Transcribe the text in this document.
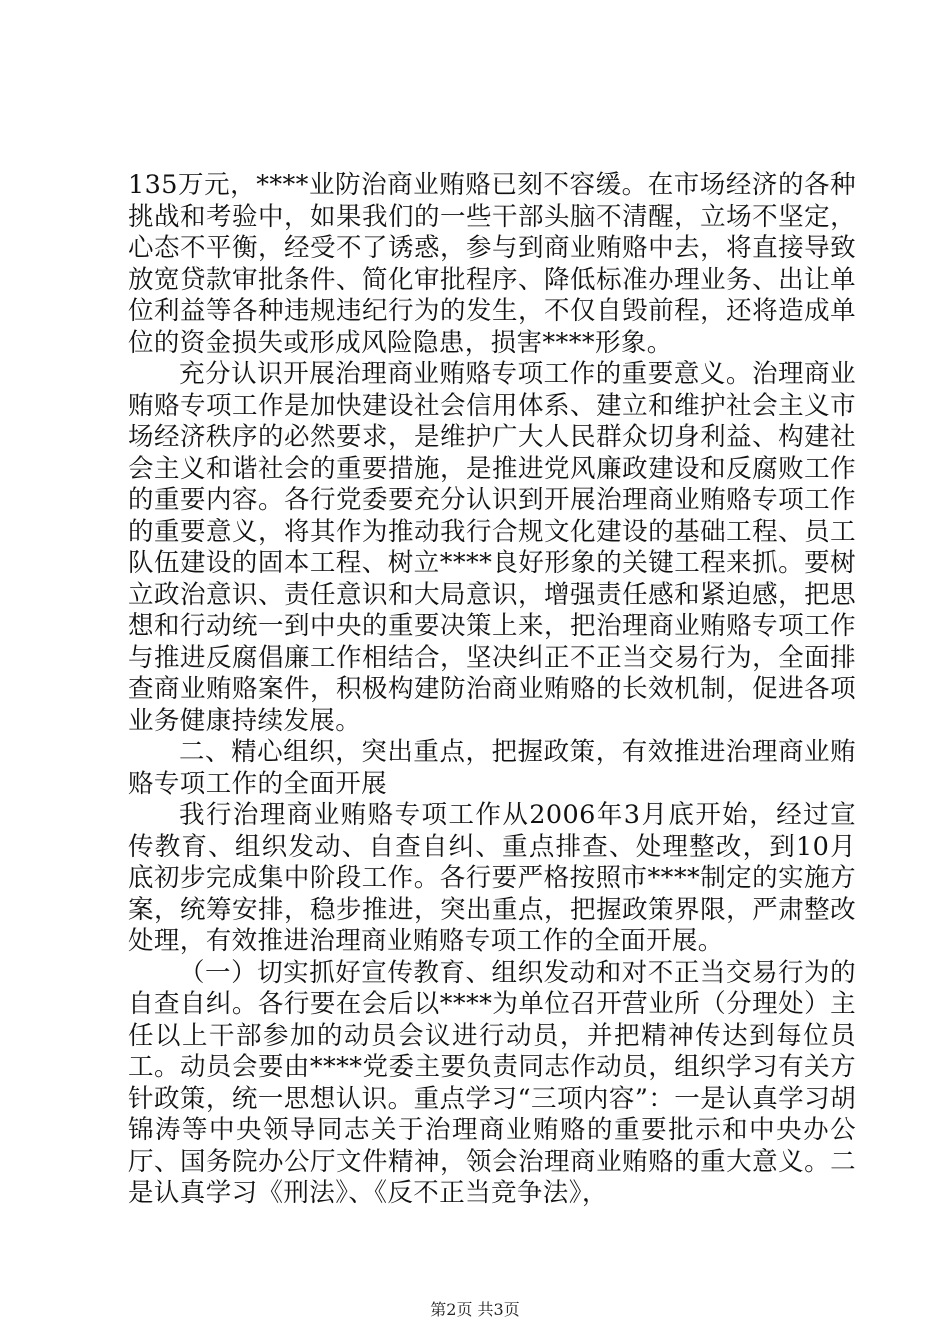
135万元，****业防治商业贿赂已刻不容缓。在市场经济的各种挑战和考验中，如果我们的一些干部头脑不清醒，立场不坚定，心态不平衡，经受不了诱惑，参与到商业贿赂中去，将直接导致放宽贷款审批条件、简化审批程序、降低标准办理业务、出让单位利益等各种违规违纪行为的发生，不仅自毁前程，还将造成单位的资金损失或形成风险隐患，损害****形象。

充分认识开展治理商业贿赂专项工作的重要意义。治理商业贿赂专项工作是加快建设社会信用体系、建立和维护社会主义市场经济秩序的必然要求，是维护广大人民群众切身利益、构建社会主义和谐社会的重要措施，是推进党风廉政建设和反腐败工作的重要内容。各行党委要充分认识到开展治理商业贿赂专项工作的重要意义，将其作为推动我行合规文化建设的基础工程、员工队伍建设的固本工程、树立****良好形象的关键工程来抓。要树立政治意识、责任意识和大局意识，增强责任感和紧迫感，把思想和行动统一到中央的重要决策上来，把治理商业贿赂专项工作与推进反腐倡廉工作相结合，坚决纠正不正当交易行为，全面排查商业贿赂案件，积极构建防治商业贿赂的长效机制，促进各项业务健康持续发展。

二、精心组织，突出重点，把握政策，有效推进治理商业贿赂专项工作的全面开展

我行治理商业贿赂专项工作从2006年3月底开始，经过宣传教育、组织发动、自查自纠、重点排查、处理整改，到10月底初步完成集中阶段工作。各行要严格按照市****制定的实施方案，统筹安排，稳步推进，突出重点，把握政策界限，严肃整改处理，有效推进治理商业贿赂专项工作的全面开展。

（一）切实抓好宣传教育、组织发动和对不正当交易行为的自查自纠。各行要在会后以****为单位召开营业所（分理处）主任以上干部参加的动员会议进行动员，并把精神传达到每位员工。动员会要由****党委主要负责同志作动员，组织学习有关方针政策，统一思想认识。重点学习“三项内容”：一是认真学习胡锦涛等中央领导同志关于治理商业贿赂的重要批示和中央办公厅、国务院办公厅文件精神，领会治理商业贿赂的重大意义。二是认真学习《刑法》、《反不正当竞争法》，

第2页 共3页
